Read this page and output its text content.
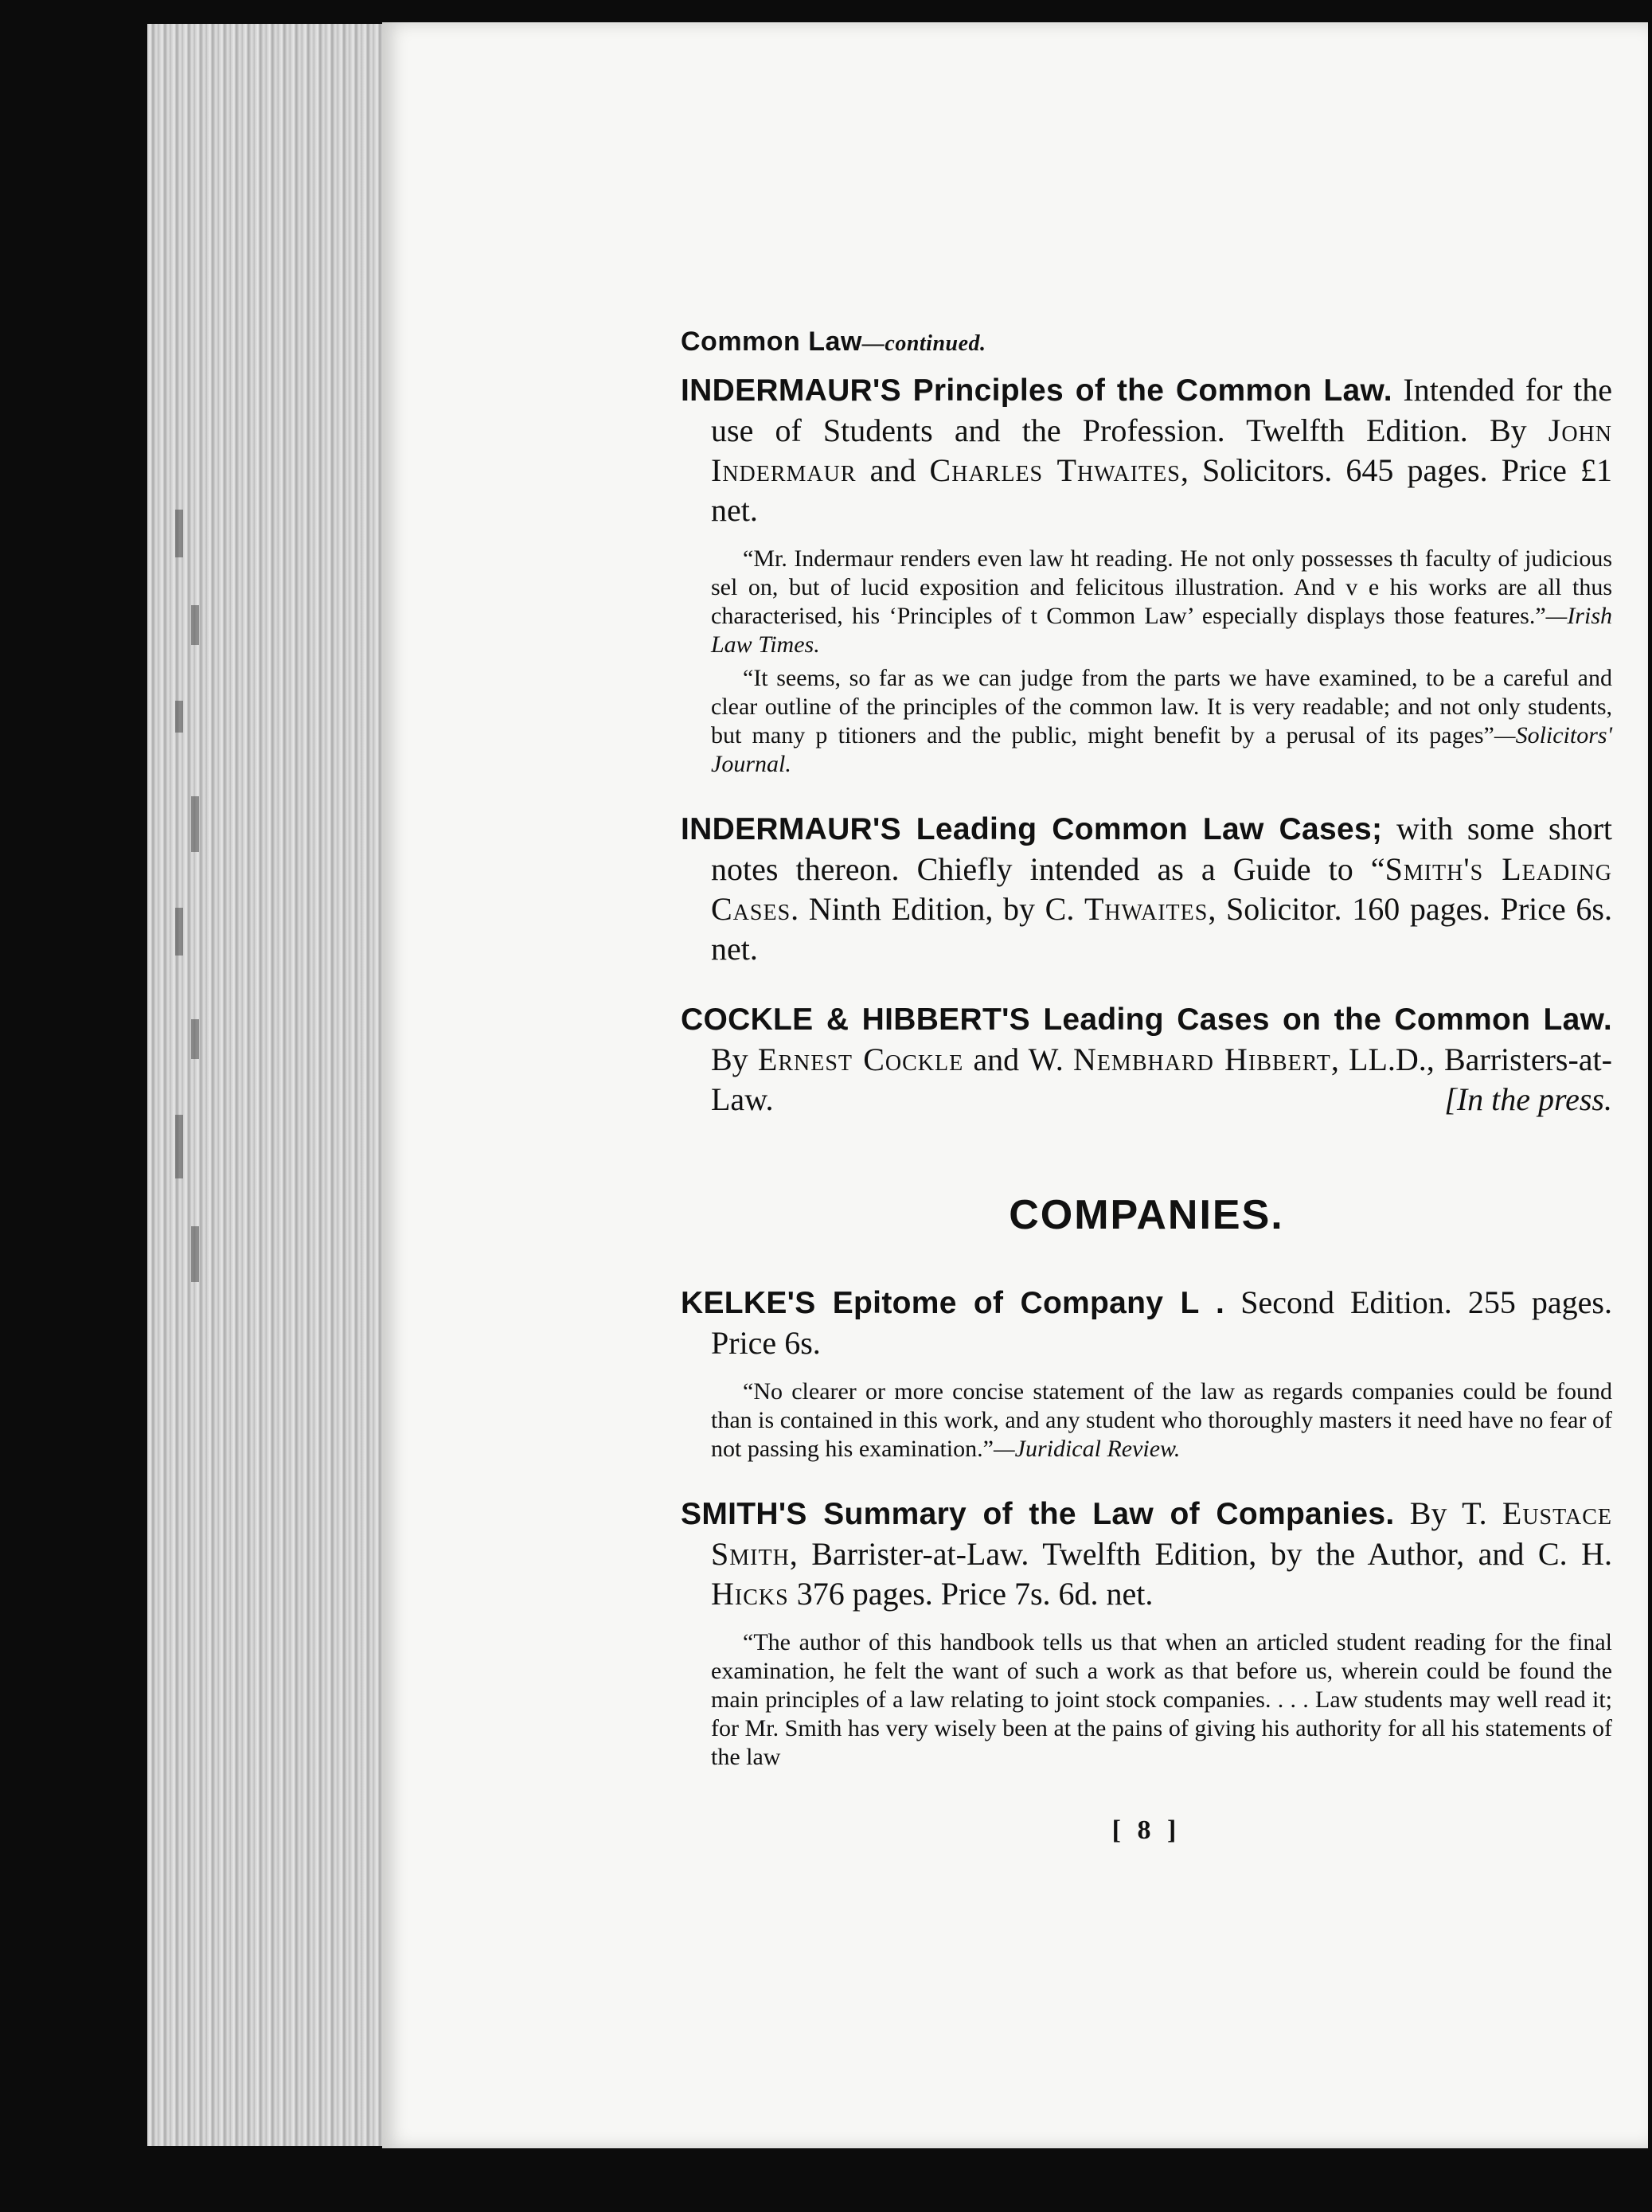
Common Law—continued.

INDERMAUR'S Principles of the Common Law. Intended for the use of Students and the Profession. Twelfth Edition. By John Indermaur and Charles Thwaites, Solicitors. 645 pages. Price £1 net.

“Mr. Indermaur renders even law ht reading. He not only possesses th faculty of judicious sel on, but of lucid exposition and felicitous illustration. And v e his works are all thus characterised, his ‘Principles of t Common Law’ especially displays those features.”—Irish Law Times.

“It seems, so far as we can judge from the parts we have examined, to be a careful and clear outline of the principles of the common law. It is very readable; and not only students, but many p titioners and the public, might benefit by a perusal of its pages”—Solicitors' Journal.

INDERMAUR'S Leading Common Law Cases; with some short notes thereon. Chiefly intended as a Guide to “Smith's Leading Cases. Ninth Edition, by C. Thwaites, Solicitor. 160 pages. Price 6s. net.

COCKLE & HIBBERT'S Leading Cases on the Common Law. By Ernest Cockle and W. Nembhard Hibbert, LL.D., Barristers-at-Law.	[In the press.

COMPANIES.

KELKE'S Epitome of Company L . Second Edition. 255 pages. Price 6s.

“No clearer or more concise statement of the law as regards companies could be found than is contained in this work, and any student who thoroughly masters it need have no fear of not passing his examination.”—Juridical Review.

SMITH'S Summary of the Law of Companies. By T. Eustace Smith, Barrister-at-Law. Twelfth Edition, by the Author, and C. H. Hicks 376 pages. Price 7s. 6d. net.

“The author of this handbook tells us that when an articled student reading for the final examination, he felt the want of such a work as that before us, wherein could be found the main principles of a law relating to joint stock companies. . . . Law students may well read it; for Mr. Smith has very wisely been at the pains of giving his authority for all his statements of the law

[ 8 ]
